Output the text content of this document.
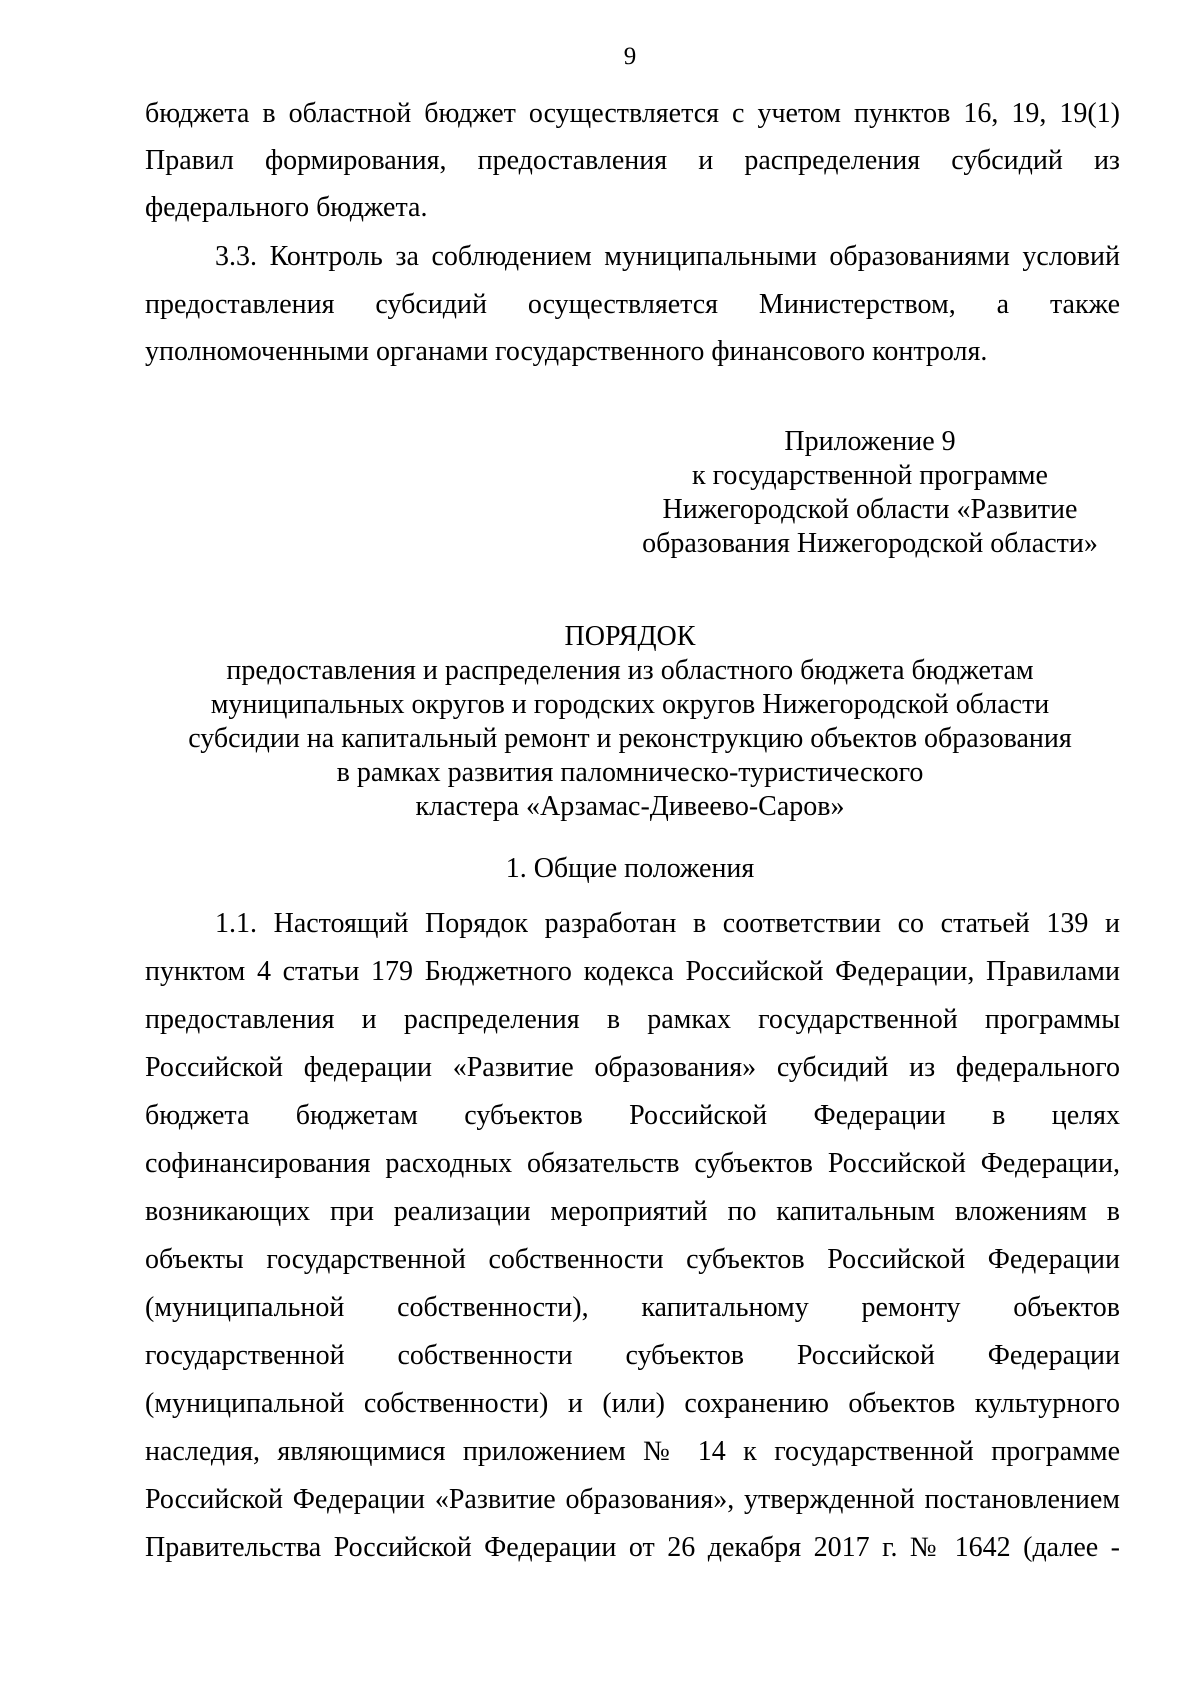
9
бюджета в областной бюджет осуществляется с учетом пунктов 16, 19, 19(1)
Правил формирования, предоставления и распределения субсидий из
федерального бюджета.
3.3. Контроль за соблюдением муниципальными образованиями условий
предоставления субсидий осуществляется Министерством, а также
уполномоченными органами государственного финансового контроля.
Приложение 9
к государственной программе
Нижегородской области «Развитие
образования Нижегородской области»
ПОРЯДОК
предоставления и распределения из областного бюджета бюджетам
муниципальных округов и городских округов Нижегородской области
субсидии на капитальный ремонт и реконструкцию объектов образования
в рамках развития паломническо-туристического
кластера «Арзамас-Дивеево-Саров»
1. Общие положения
1.1. Настоящий Порядок разработан в соответствии со статьей 139 и
пунктом 4 статьи 179 Бюджетного кодекса Российской Федерации, Правилами
предоставления и распределения в рамках государственной программы
Российской федерации «Развитие образования» субсидий из федерального
бюджета бюджетам субъектов Российской Федерации в целях
софинансирования расходных обязательств субъектов Российской Федерации,
возникающих при реализации мероприятий по капитальным вложениям в
объекты государственной собственности субъектов Российской Федерации
(муниципальной собственности), капитальному ремонту объектов
государственной собственности субъектов Российской Федерации
(муниципальной собственности) и (или) сохранению объектов культурного
наследия, являющимися приложением № 14 к государственной программе
Российской Федерации «Развитие образования», утвержденной постановлением
Правительства Российской Федерации от 26 декабря 2017 г. № 1642 (далее -
